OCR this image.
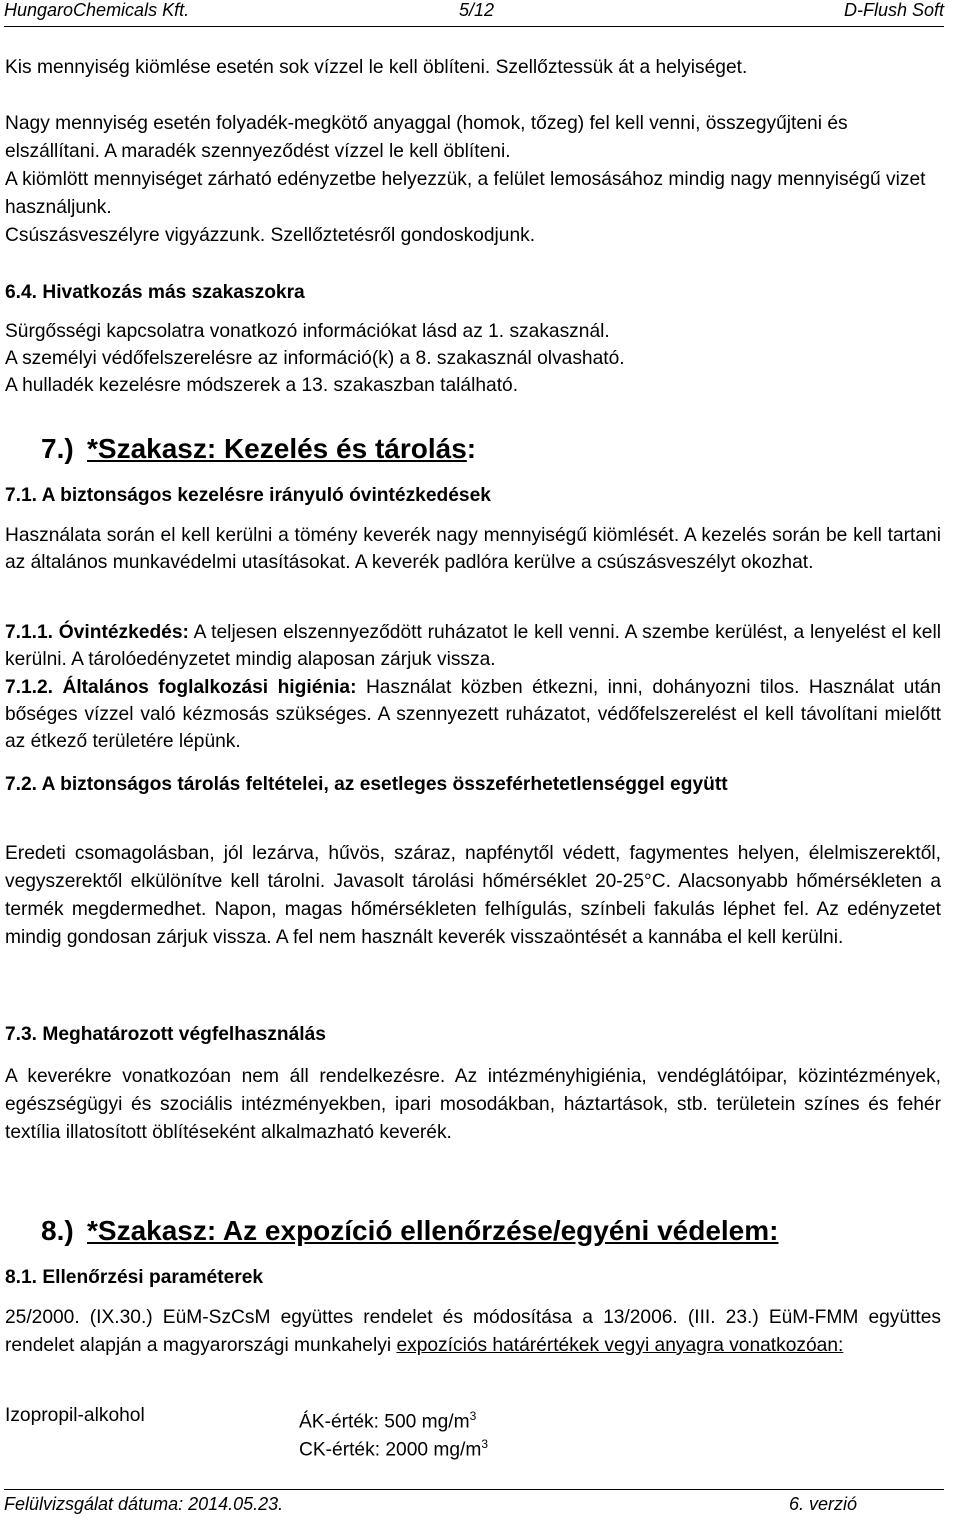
HungaroChemicals Kft.	5/12	D-Flush Soft
Kis mennyiség kiömlése esetén sok vízzel le kell öblíteni. Szellőztessük át a helyiséget.
Nagy mennyiség esetén folyadék-megkötő anyaggal (homok, tőzeg) fel kell venni, összegyűjteni és elszállítani. A maradék szennyeződést vízzel le kell öblíteni.
A kiömlött mennyiséget zárható edényzetbe helyezzük, a felület lemosásához mindig nagy mennyiségű vizet használjunk.
Csúszásveszélyre vigyázzunk. Szellőztetésről gondoskodjunk.
6.4. Hivatkozás más szakaszokra
Sürgősségi kapcsolatra vonatkozó információkat lásd az 1. szakasznál.
A személyi védőfelszerelésre az információ(k) a 8. szakasznál olvasható.
A hulladék kezelésre módszerek a 13. szakaszban található.
7.) *Szakasz: Kezelés és tárolás:
7.1. A biztonságos kezelésre irányuló óvintézkedések
Használata során el kell kerülni a tömény keverék nagy mennyiségű kiömlését. A kezelés során be kell tartani az általános munkavédelmi utasításokat. A keverék padlóra kerülve a csúszásveszélyt okozhat.
7.1.1. Óvintézkedés: A teljesen elszennyeződött ruházatot le kell venni. A szembe kerülést, a lenyelést el kell kerülni. A tárolóedényzetet mindig alaposan zárjuk vissza.
7.1.2. Általános foglalkozási higiénia: Használat közben étkezni, inni, dohányozni tilos. Használat után bőséges vízzel való kézmosás szükséges. A szennyezett ruházatot, védőfelszerelést el kell távolítani mielőtt az étkező területére lépünk.
7.2. A biztonságos tárolás feltételei, az esetleges összeférhetetlenséggel együtt
Eredeti csomagolásban, jól lezárva, hűvös, száraz, napfénytől védett, fagymentes helyen, élelmiszerektől, vegyszerektől elkülönítve kell tárolni. Javasolt tárolási hőmérséklet 20-25°C. Alacsonyabb hőmérsékleten a termék megdermedhet. Napon, magas hőmérsékleten felhígulás, színbeli fakulás léphet fel. Az edényzetet mindig gondosan zárjuk vissza. A fel nem használt keverék visszaöntését a kannába el kell kerülni.
7.3. Meghatározott végfelhasználás
A keverékre vonatkozóan nem áll rendelkezésre. Az intézményhigiénia, vendéglátóipar, közintézmények, egészségügyi és szociális intézményekben, ipari mosodákban, háztartások, stb. területein színes és fehér textília illatosított öblítéseként alkalmazható keverék.
8.) *Szakasz: Az expozíció ellenőrzése/egyéni védelem:
8.1. Ellenőrzési paraméterek
25/2000. (IX.30.) EüM-SzCsM együttes rendelet és módosítása a 13/2006. (III. 23.) EüM-FMM együttes rendelet alapján a magyarországi munkahelyi expozíciós határértékek vegyi anyagra vonatkozóan:
Izopropil-alkohol	ÁK-érték: 500 $mg/m^3$
CK-érték: 2000 $mg/m^3$
Felülvizsgálat dátuma: 2014.05.23.	6. verzió
